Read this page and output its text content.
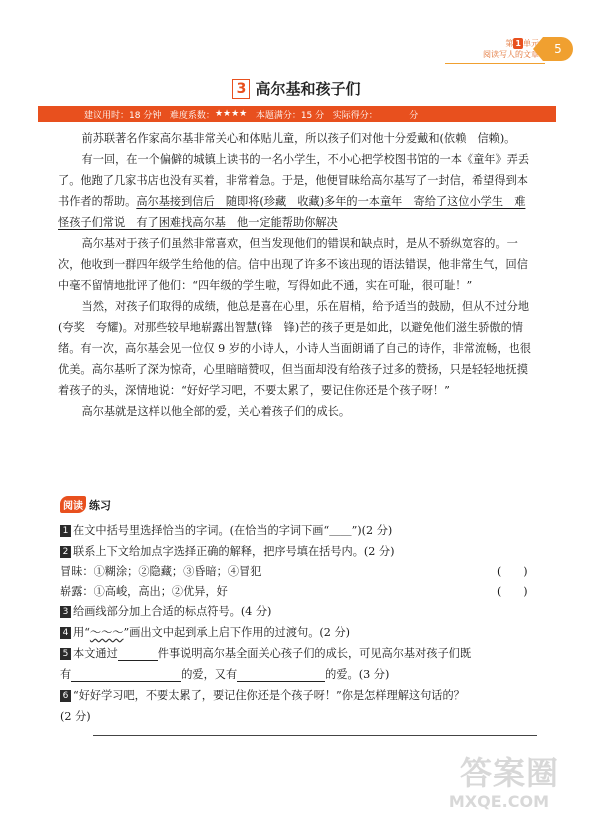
第 1 单元
阅读写人的文章	5
3 高尔基和孩子们
建议用时：18 分钟
难度系数： ★★★★
本题满分：15 分
实际得分：
	分

前苏联著名作家高尔基非常关心和体贴儿童，所以孩子们对他十分爱戴和(依赖　信赖)。

有一回，在一个偏僻的城镇上读书的一名小学生，不小心把学校图书馆的一本《童年》弄丢了。他跑了几家书店也没有买着，非常着急。于是，他便冒昧给高尔基写了一封信，希望得到本书作者的帮助。高尔基接到信后　随即将(珍藏　收藏)多年的一本童年　寄给了这位小学生　难怪孩子们常说　有了困难找高尔基　他一定能帮助你解决

高尔基对于孩子们虽然非常喜欢，但当发现他们的错误和缺点时，是从不骄纵宽容的。一次，他收到一群四年级学生给他的信。信中出现了许多不该出现的语法错误，他非常生气，回信中毫不留情地批评了他们：“四年级的学生啦，写得如此不通，实在可耻，很可耻！”

当然，对孩子们取得的成绩，他总是喜在心里，乐在眉梢，给予适当的鼓励，但从不过分地(夸奖　夸耀)。对那些较早地崭露出智慧(锋　锋)芒的孩子更是如此，以避免他们滋生骄傲的情绪。有一次，高尔基会见一位仅 9 岁的小诗人，小诗人当面朗诵了自己的诗作，非常流畅，也很优美。高尔基听了深为惊奇，心里暗暗赞叹，但当面却没有给孩子过多的赞扬，只是轻轻地抚摸着孩子的头，深情地说：“好好学习吧，不要太累了，要记住你还是个孩子呀！”

高尔基就是这样以他全部的爱，关心着孩子们的成长。

阅读 练习
1 在文中括号里选择恰当的字词。(在恰当的字词下画“＿＿”)(2 分)
2 联系上下文给加点字选择正确的解释，把序号填在括号内。(2 分)
冒昧：①糊涂；②隐藏；③昏暗；④冒犯	(　　)
崭露：①高峻，高出；②优异，好	(　　)
3 给画线部分加上合适的标点符号。(4 分)
4 用“～～～”画出文中起到承上启下作用的过渡句。(2 分)
5 本文通过	件事说明高尔基全面关心孩子们的成长，可见高尔基对孩子们既
有	的爱，又有	的爱。(3 分)
6 “好好学习吧，不要太累了，要记住你还是个孩子呀！”你是怎样理解这句话的？
(2 分)
答案圈
MXQE.COM
